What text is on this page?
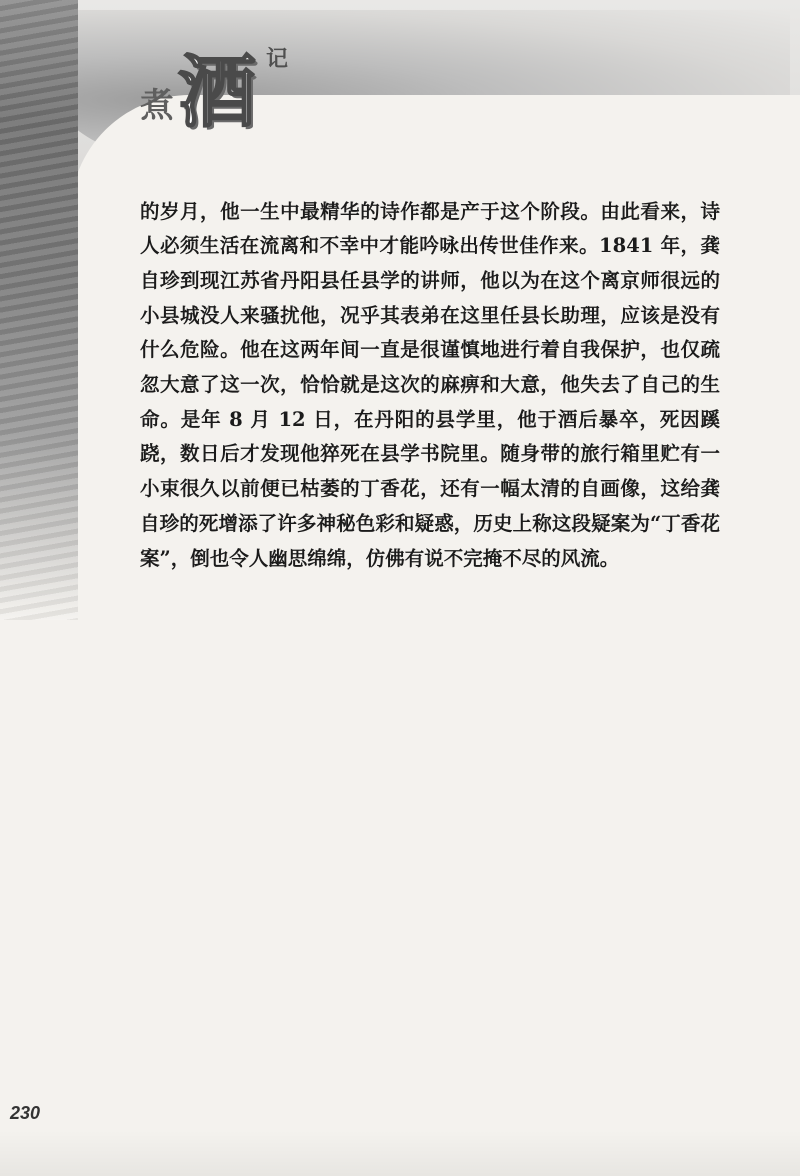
煮 酒 记

的岁月，他一生中最精华的诗作都是产于这个阶段。由此看来，诗人必须生活在流离和不幸中才能吟咏出传世佳作来。1841 年，龚自珍到现江苏省丹阳县任县学的讲师，他以为在这个离京师很远的小县城没人来骚扰他，况乎其表弟在这里任县长助理，应该是没有什么危险。他在这两年间一直是很谨慎地进行着自我保护，也仅疏忽大意了这一次，恰恰就是这次的麻痹和大意，他失去了自己的生命。是年 8 月 12 日，在丹阳的县学里，他于酒后暴卒，死因蹊跷，数日后才发现他猝死在县学书院里。随身带的旅行箱里贮有一小束很久以前便已枯萎的丁香花，还有一幅太清的自画像，这给龚自珍的死增添了许多神秘色彩和疑惑，历史上称这段疑案为“丁香花案”，倒也令人幽思绵绵，仿佛有说不完掩不尽的风流。

230
